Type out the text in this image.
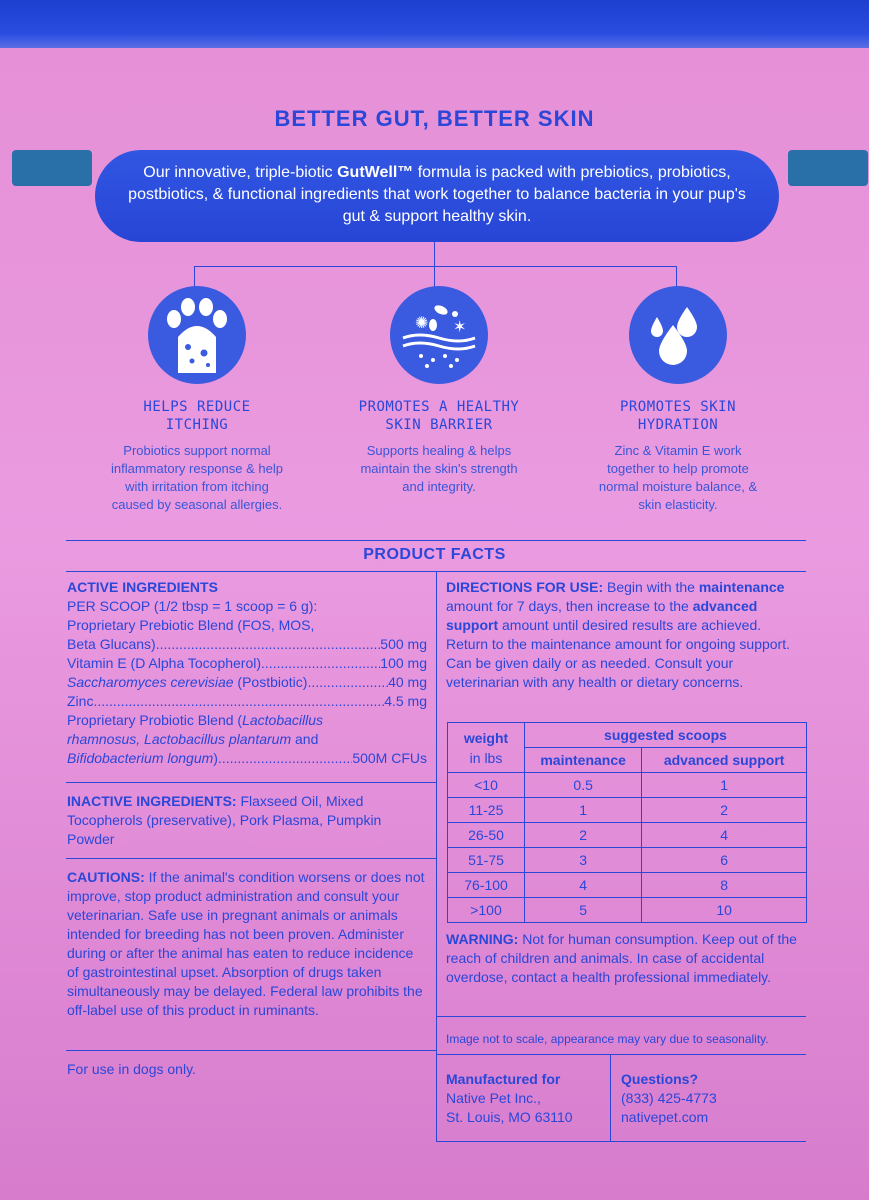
BETTER GUT, BETTER SKIN
Our innovative, triple-biotic GutWell™ formula is packed with prebiotics, probiotics, postbiotics, & functional ingredients that work together to balance bacteria in your pup's gut & support healthy skin.
HELPS REDUCE
ITCHING
Probiotics support normal
inflammatory response & help
with irritation from itching
caused by seasonal allergies.
✺ ✶
PROMOTES A HEALTHY
SKIN BARRIER
Supports healing & helps
maintain the skin's strength
and integrity.
PROMOTES SKIN
HYDRATION
Zinc & Vitamin E work
together to help promote
normal moisture balance, &
skin elasticity.
PRODUCT FACTS
ACTIVE INGREDIENTS
PER SCOOP (1/2 tbsp = 1 scoop = 6 g):
Proprietary Prebiotic Blend (FOS, MOS,
Beta Glucans) .....	500 mg
Vitamin E (D Alpha Tocopherol) .....	100 mg
Saccharomyces cerevisiae (Postbiotic) .....	40 mg
Zinc .....	4.5 mg
Proprietary Probiotic Blend (Lactobacillus
rhamnosus, Lactobacillus plantarum and
Bifidobacterium longum) .....	500M CFUs
INACTIVE INGREDIENTS: Flaxseed Oil, Mixed Tocopherols (preservative), Pork Plasma, Pumpkin Powder
CAUTIONS: If the animal's condition worsens or does not improve, stop product administration and consult your veterinarian. Safe use in pregnant animals or animals intended for breeding has not been proven. Administer during or after the animal has eaten to reduce incidence of gastrointestinal upset. Absorption of drugs taken simultaneously may be delayed. Federal law prohibits the off-label use of this product in ruminants.
For use in dogs only.
DIRECTIONS FOR USE: Begin with the maintenance amount for 7 days, then increase to the advanced support amount until desired results are achieved. Return to the maintenance amount for ongoing support. Can be given daily or as needed. Consult your veterinarian with any health or dietary concerns.
weight
in lbs	suggested scoops	
	maintenance	advanced support
<10	0.5	1
11-25	1	2
26-50	2	4
51-75	3	6
76-100	4	8
>100	5	10
WARNING: Not for human consumption. Keep out of the reach of children and animals. In case of accidental overdose, contact a health professional immediately.
Image not to scale, appearance may vary due to seasonality.
Manufactured for
Native Pet Inc.,
St. Louis, MO 63110
Questions?
(833) 425-4773
nativepet.com
